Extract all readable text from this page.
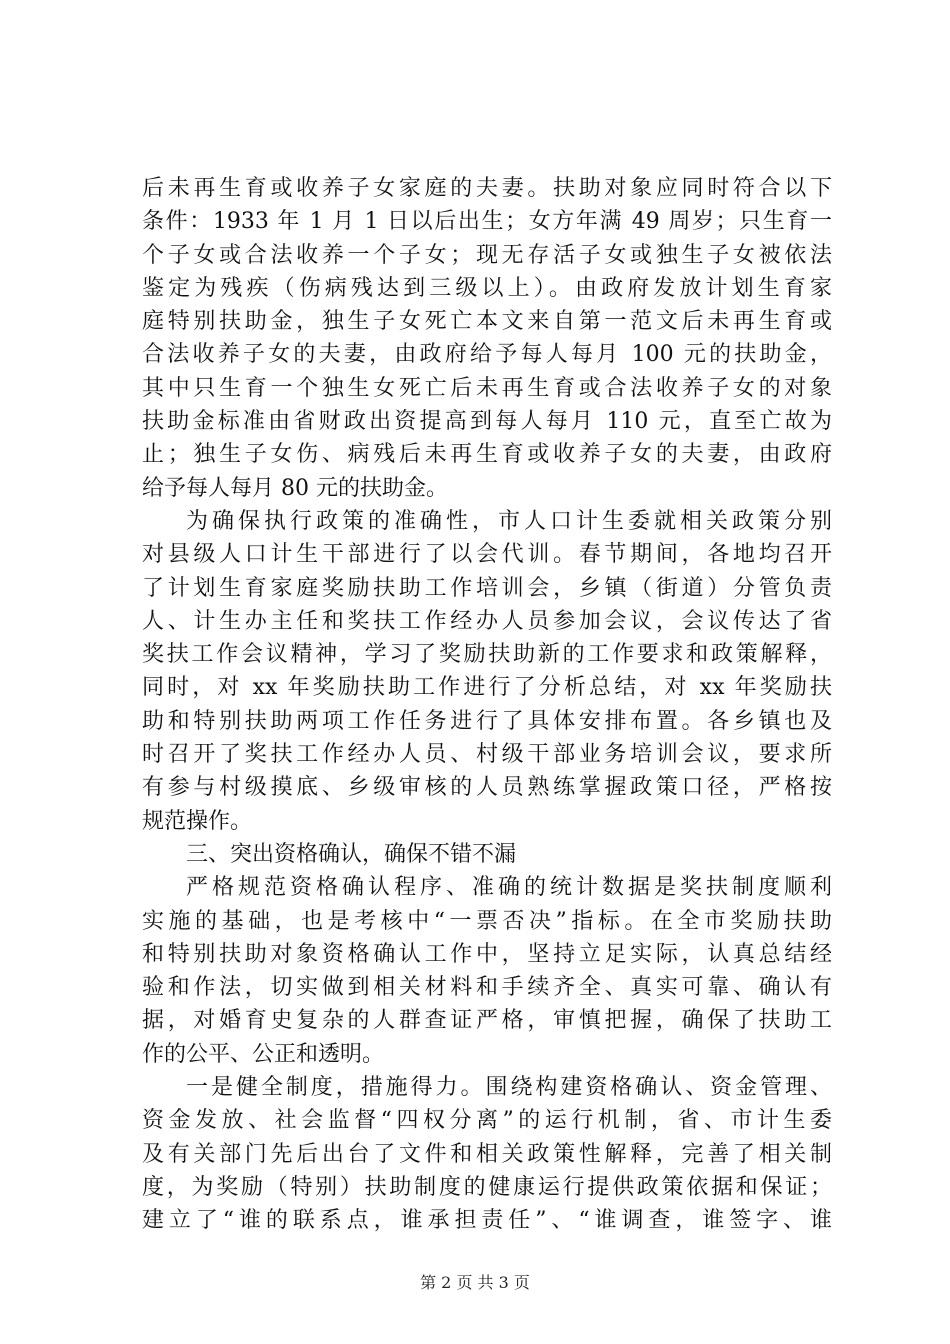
后未再生育或收养子女家庭的夫妻。扶助对象应同时符合以下
条件：1933 年 1 月 1 日以后出生；女方年满 49 周岁；只生育一
个子女或合法收养一个子女；现无存活子女或独生子女被依法
鉴定为残疾（伤病残达到三级以上）。由政府发放计划生育家
庭特别扶助金，独生子女死亡本文来自第一范文后未再生育或
合法收养子女的夫妻，由政府给予每人每月 100 元的扶助金，
其中只生育一个独生女死亡后未再生育或合法收养子女的对象
扶助金标准由省财政出资提高到每人每月 110 元，直至亡故为
止；独生子女伤、病残后未再生育或收养子女的夫妻，由政府
给予每人每月 80 元的扶助金。
为确保执行政策的准确性，市人口计生委就相关政策分别
对县级人口计生干部进行了以会代训。春节期间，各地均召开
了计划生育家庭奖励扶助工作培训会，乡镇（街道）分管负责
人、计生办主任和奖扶工作经办人员参加会议，会议传达了省
奖扶工作会议精神，学习了奖励扶助新的工作要求和政策解释，
同时，对 xx 年奖励扶助工作进行了分析总结，对 xx 年奖励扶
助和特别扶助两项工作任务进行了具体安排布置。各乡镇也及
时召开了奖扶工作经办人员、村级干部业务培训会议，要求所
有参与村级摸底、乡级审核的人员熟练掌握政策口径，严格按
规范操作。
三、突出资格确认，确保不错不漏
严格规范资格确认程序、准确的统计数据是奖扶制度顺利
实施的基础，也是考核中“一票否决”指标。在全市奖励扶助
和特别扶助对象资格确认工作中，坚持立足实际，认真总结经
验和作法，切实做到相关材料和手续齐全、真实可靠、确认有
据，对婚育史复杂的人群查证严格，审慎把握，确保了扶助工
作的公平、公正和透明。
一是健全制度，措施得力。围绕构建资格确认、资金管理、
资金发放、社会监督“四权分离”的运行机制，省、市计生委
及有关部门先后出台了文件和相关政策性解释，完善了相关制
度，为奖励（特别）扶助制度的健康运行提供政策依据和保证；
建立了“谁的联系点，谁承担责任”、“谁调查，谁签字、谁
第 2 页 共 3 页
